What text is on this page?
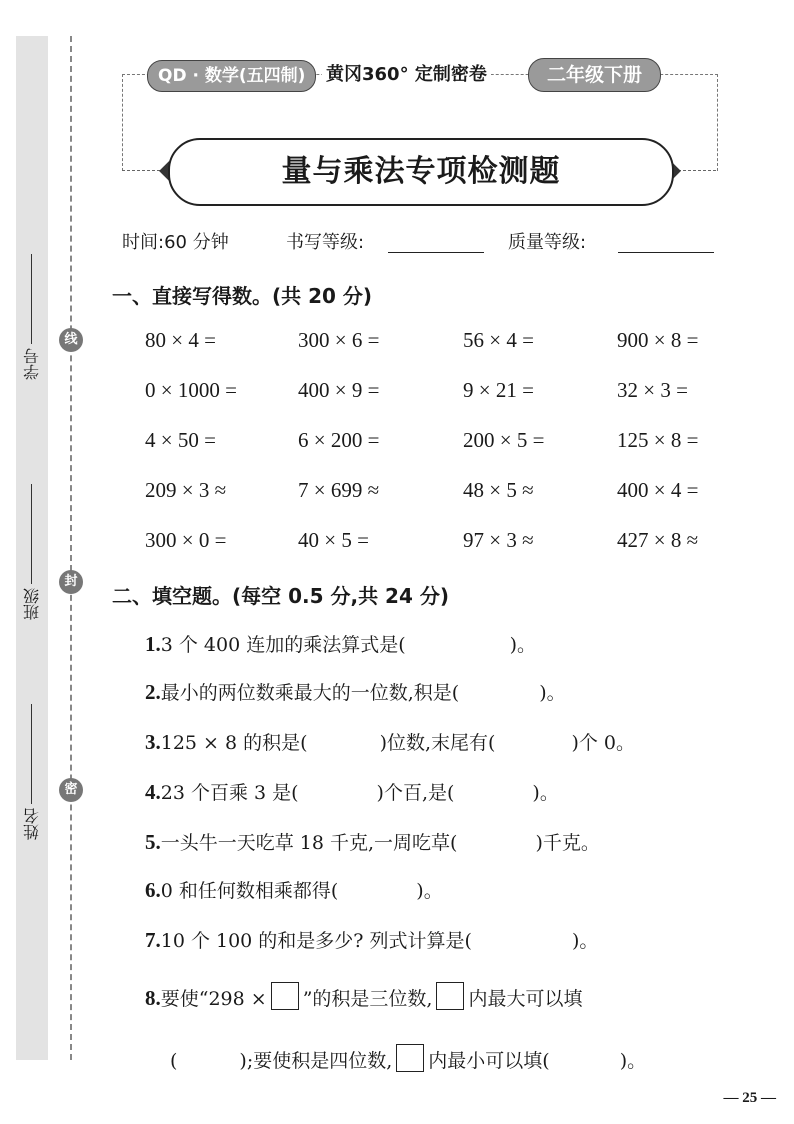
线
封
密
学号
班级
姓名
QD · 数学(五四制)	黄冈360° 定制密卷	二年级下册
量与乘法专项检测题
时间:60 分钟	书写等级:	质量等级:
一、直接写得数。(共 20 分)
80 × 4 =	300 × 6 =	56 × 4 =	900 × 8 =
0 × 1000 =	400 × 9 =	9 × 21 =	32 × 3 =
4 × 50 =	6 × 200 =	200 × 5 =	125 × 8 =
209 × 3 ≈	7 × 699 ≈	48 × 5 ≈	400 × 4 =
300 × 0 =	40 × 5 =	97 × 3 ≈	427 × 8 ≈
二、填空题。(每空 0.5 分,共 24 分)
1.3 个 400 连加的乘法算式是(	)。
2.最小的两位数乘最大的一位数,积是(	)。
3.125 × 8 的积是(	)位数,末尾有(	)个 0。
4.23 个百乘 3 是(	)个百,是(	)。
5.一头牛一天吃草 18 千克,一周吃草(	)千克。
6.0 和任何数相乘都得(	)。
7.10 个 100 的和是多少? 列式计算是(	)。
8.要使“298 × ”的积是三位数, 内最大可以填
(	);要使积是四位数, 内最小可以填(	)。
— 25 —
